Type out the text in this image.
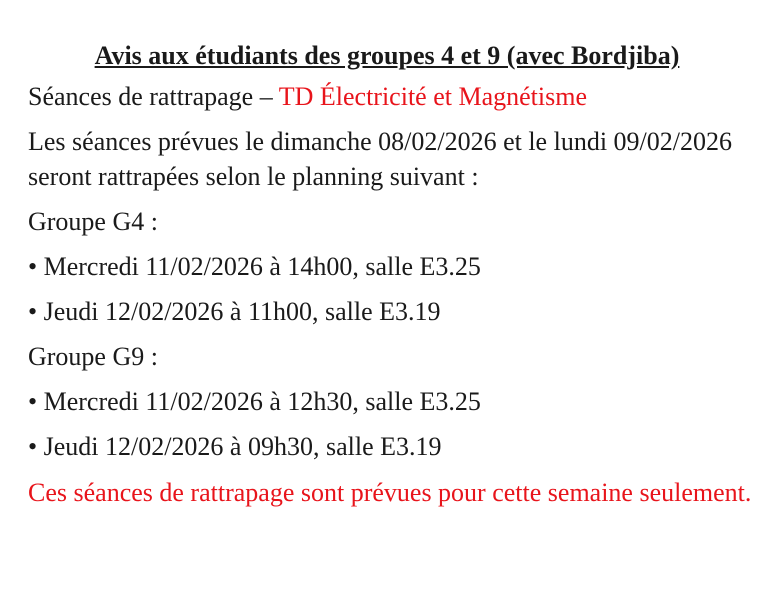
Avis aux étudiants des groupes 4 et 9 (avec Bordjiba)

Séances de rattrapage – TD Électricité et Magnétisme

Les séances prévues le dimanche 08/02/2026 et le lundi 09/02/2026 seront rattrapées selon le planning suivant :

Groupe G4 :

• Mercredi 11/02/2026 à 14h00, salle E3.25

• Jeudi 12/02/2026 à 11h00, salle E3.19

Groupe G9 :

• Mercredi 11/02/2026 à 12h30, salle E3.25

• Jeudi 12/02/2026 à 09h30, salle E3.19

Ces séances de rattrapage sont prévues pour cette semaine seulement.
